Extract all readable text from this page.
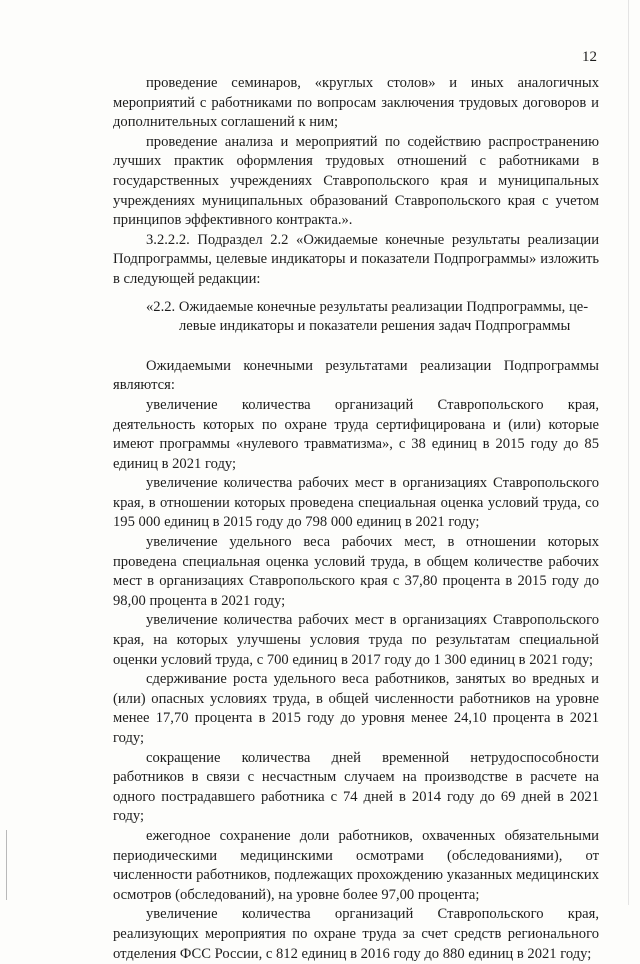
12

проведение семинаров, «круглых столов» и иных аналогичных мероприятий с работниками по вопросам заключения трудовых договоров и дополнительных соглашений к ним;

проведение анализа и мероприятий по содействию распространению лучших практик оформления трудовых отношений с работниками в государственных учреждениях Ставропольского края и муниципальных учреждениях муниципальных образований Ставропольского края с учетом принципов эффективного контракта.».

3.2.2.2. Подраздел 2.2 «Ожидаемые конечные результаты реализации Подпрограммы, целевые индикаторы и показатели Подпрограммы» изложить в следующей редакции:

«2.2. Ожидаемые конечные результаты реализации Подпрограммы, це-

левые индикаторы и показатели решения задач Подпрограммы

Ожидаемыми конечными результатами реализации Подпрограммы являются:

увеличение количества организаций Ставропольского края, деятельность которых по охране труда сертифицирована и (или) которые имеют программы «нулевого травматизма», с 38 единиц в 2015 году до 85 единиц в 2021 году;

увеличение количества рабочих мест в организациях Ставропольского края, в отношении которых проведена специальная оценка условий труда, со 195 000 единиц в 2015 году до 798 000 единиц в 2021 году;

увеличение удельного веса рабочих мест, в отношении которых проведена специальная оценка условий труда, в общем количестве рабочих мест в организациях Ставропольского края с 37,80 процента в 2015 году до 98,00 процента в 2021 году;

увеличение количества рабочих мест в организациях Ставропольского края, на которых улучшены условия труда по результатам специальной оценки условий труда, с 700 единиц в 2017 году до 1 300 единиц в 2021 году;

сдерживание роста удельного веса работников, занятых во вредных и (или) опасных условиях труда, в общей численности работников на уровне менее 17,70 процента в 2015 году до уровня менее 24,10 процента в 2021 году;

сокращение количества дней временной нетрудоспособности работников в связи с несчастным случаем на производстве в расчете на одного пострадавшего работника с 74 дней в 2014 году до 69 дней в 2021 году;

ежегодное сохранение доли работников, охваченных обязательными периодическими медицинскими осмотрами (обследованиями), от численности работников, подлежащих прохождению указанных медицинских осмотров (обследований), на уровне более 97,00 процента;

увеличение количества организаций Ставропольского края, реализующих мероприятия по охране труда за счет средств регионального отделения ФСС России, с 812 единиц в 2016 году до 880 единиц в 2021 году;
